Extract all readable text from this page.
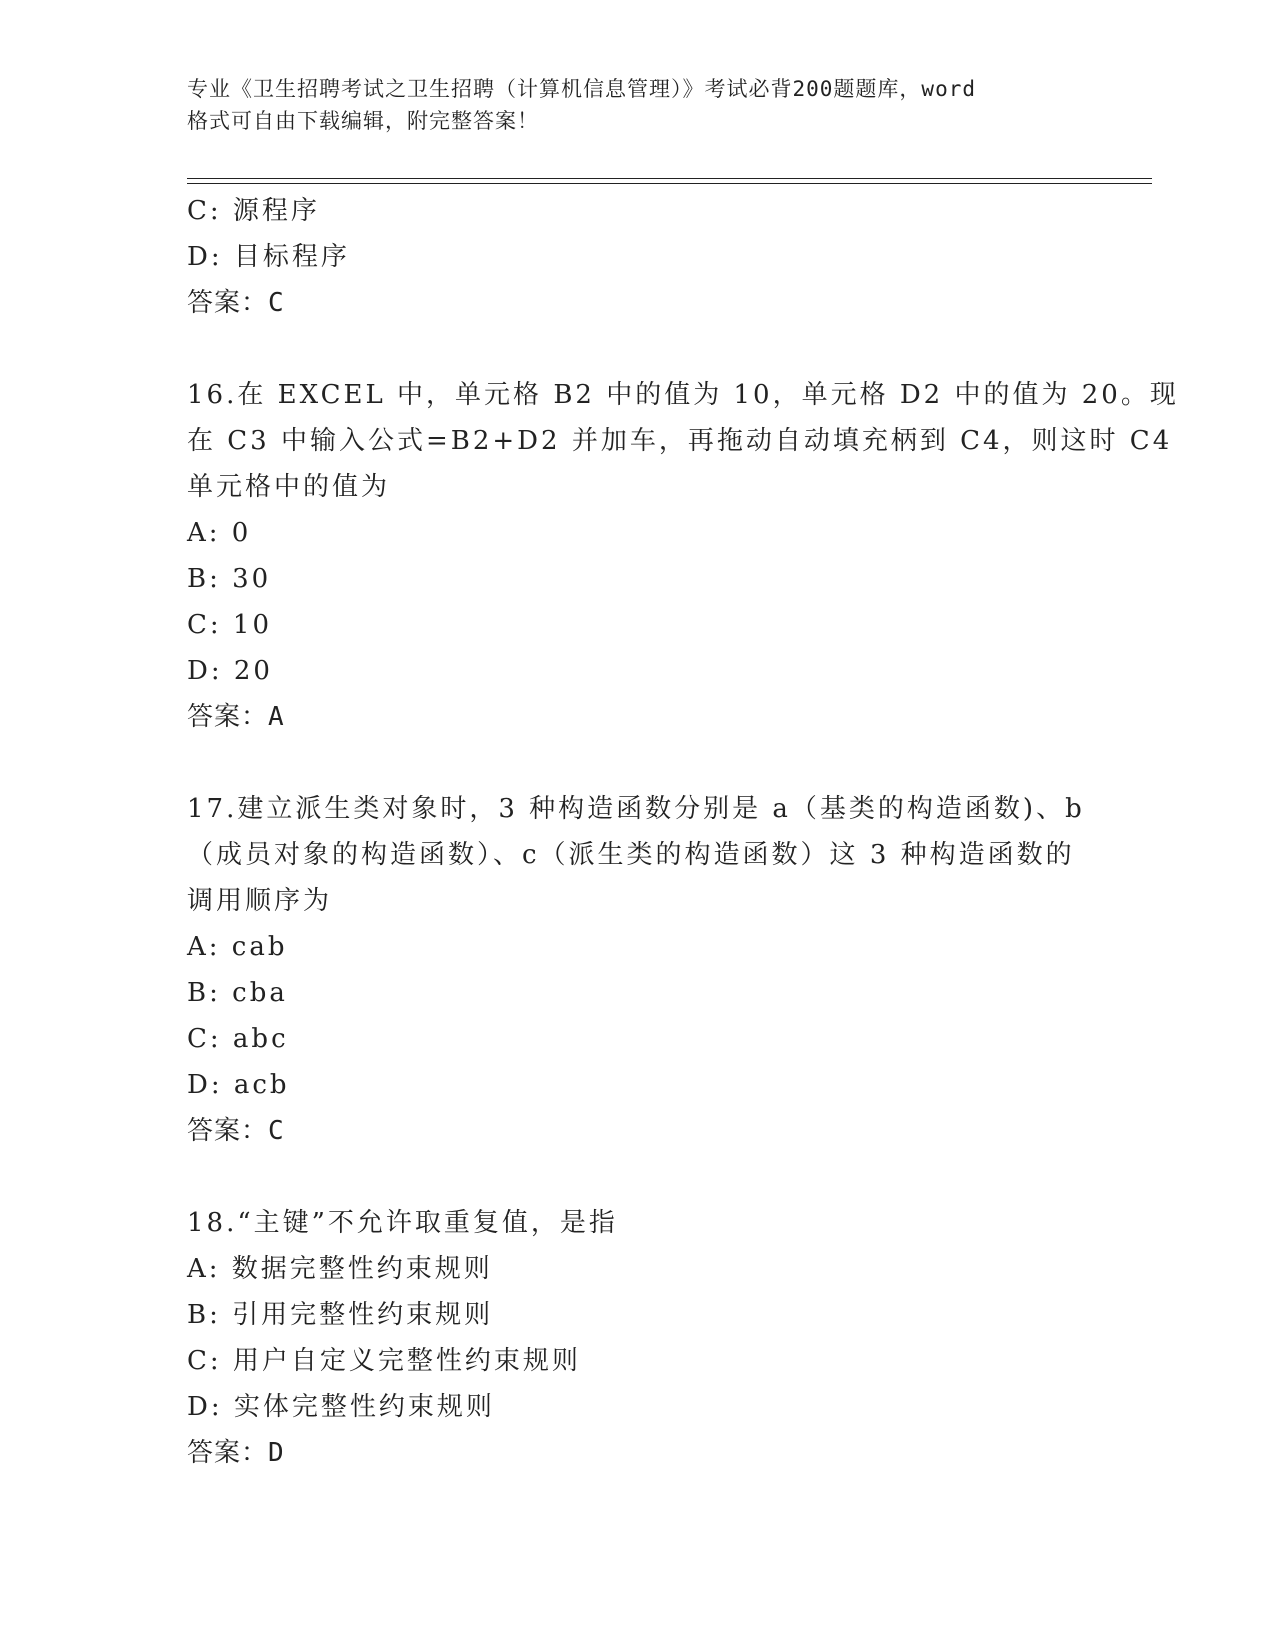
专业《卫生招聘考试之卫生招聘（计算机信息管理）》考试必背200题题库，word
格式可自由下载编辑，附完整答案！
C: 源程序
D: 目标程序
答案：C
16.在 EXCEL 中，单元格 B2 中的值为 10，单元格 D2 中的值为 20。现
在 C3 中输入公式=B2+D2 并加车，再拖动自动填充柄到 C4，则这时 C4
单元格中的值为
A: 0
B: 30
C: 10
D: 20
答案：A
17.建立派生类对象时，3 种构造函数分别是 a（基类的构造函数)、b
（成员对象的构造函数）、c（派生类的构造函数）这 3 种构造函数的
调用顺序为
A: cab
B: cba
C: abc
D: acb
答案：C
18.“主键”不允许取重复值，是指
A: 数据完整性约束规则
B: 引用完整性约束规则
C: 用户自定义完整性约束规则
D: 实体完整性约束规则
答案：D
